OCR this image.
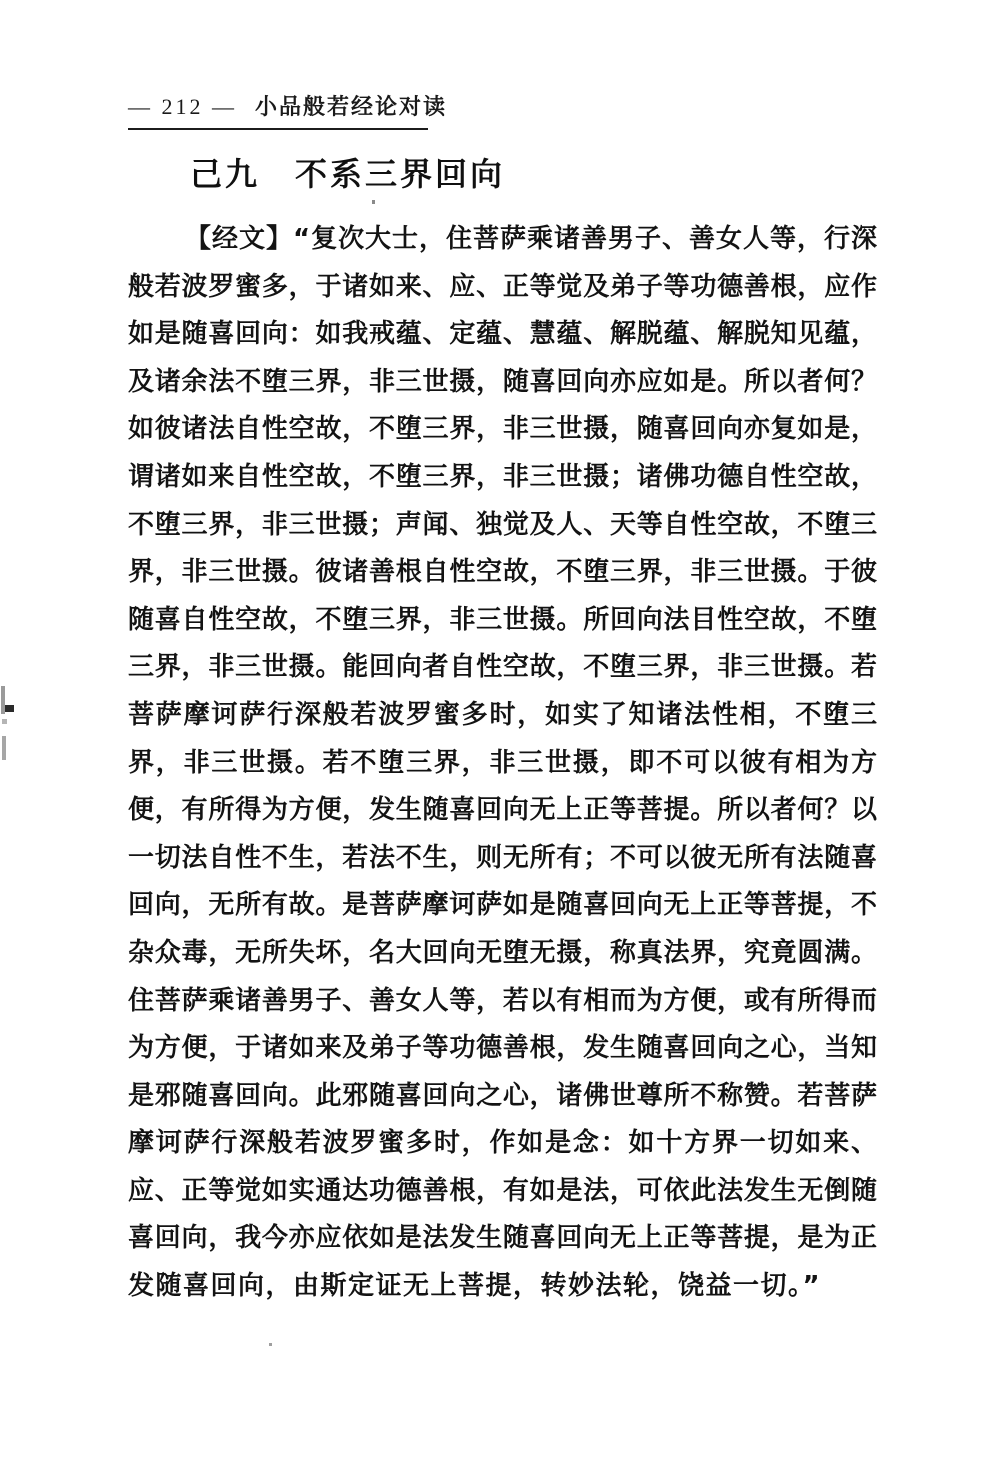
— 212 — 小品般若经论对读
己九　不系三界回向
【经文】“复次大士，住菩萨乘诸善男子、善女人等，行深
般若波罗蜜多，于诸如来、应、正等觉及弟子等功德善根，应作
如是随喜回向：如我戒蕴、定蕴、慧蕴、解脱蕴、解脱知见蕴，
及诸余法不堕三界，非三世摄，随喜回向亦应如是。所以者何？
如彼诸法自性空故，不堕三界，非三世摄，随喜回向亦复如是，
谓诸如来自性空故，不堕三界，非三世摄；诸佛功德自性空故，
不堕三界，非三世摄；声闻、独觉及人、天等自性空故，不堕三
界，非三世摄。彼诸善根自性空故，不堕三界，非三世摄。于彼
随喜自性空故，不堕三界，非三世摄。所回向法目性空故，不堕
三界，非三世摄。能回向者自性空故，不堕三界，非三世摄。若
菩萨摩诃萨行深般若波罗蜜多时，如实了知诸法性相，不堕三
界，非三世摄。若不堕三界，非三世摄，即不可以彼有相为方
便，有所得为方便，发生随喜回向无上正等菩提。所以者何？以
一切法自性不生，若法不生，则无所有；不可以彼无所有法随喜
回向，无所有故。是菩萨摩诃萨如是随喜回向无上正等菩提，不
杂众毒，无所失坏，名大回向无堕无摄，称真法界，究竟圆满。
住菩萨乘诸善男子、善女人等，若以有相而为方便，或有所得而
为方便，于诸如来及弟子等功德善根，发生随喜回向之心，当知
是邪随喜回向。此邪随喜回向之心，诸佛世尊所不称赞。若菩萨
摩诃萨行深般若波罗蜜多时，作如是念：如十方界一切如来、
应、正等觉如实通达功德善根，有如是法，可依此法发生无倒随
喜回向，我今亦应依如是法发生随喜回向无上正等菩提，是为正
发随喜回向，由斯定证无上菩提，转妙法轮，饶益一切。”
